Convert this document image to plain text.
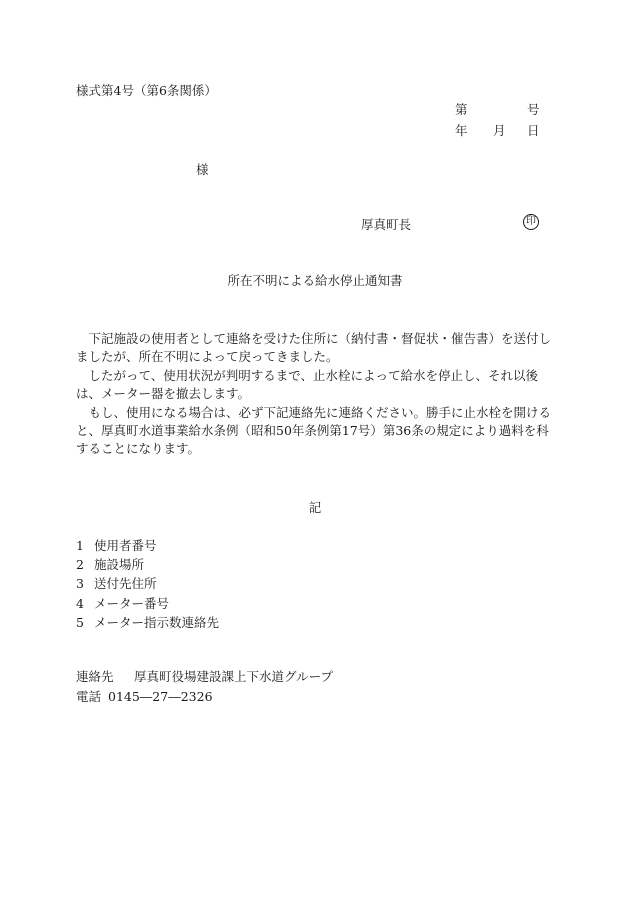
様式第4号（第6条関係）
第	号
年 月 日
様
厚真町長	印
所在不明による給水停止通知書

　下記施設の使用者として連絡を受けた住所に（納付書・督促状・催告書）を送付しましたが、所在不明によって戻ってきました。

　したがって、使用状況が判明するまで、止水栓によって給水を停止し、それ以後は、メーター器を撤去します。

　もし、使用になる場合は、必ず下記連絡先に連絡ください。勝手に止水栓を開けると、厚真町水道事業給水条例（昭和50年条例第17号）第36条の規定により過料を科することになります。

記
1 使用者番号
2 施設場所
3 送付先住所
4 メーター番号
5 メーター指示数連絡先
連絡先 厚真町役場建設課上下水道グループ
電話 0145―27―2326
